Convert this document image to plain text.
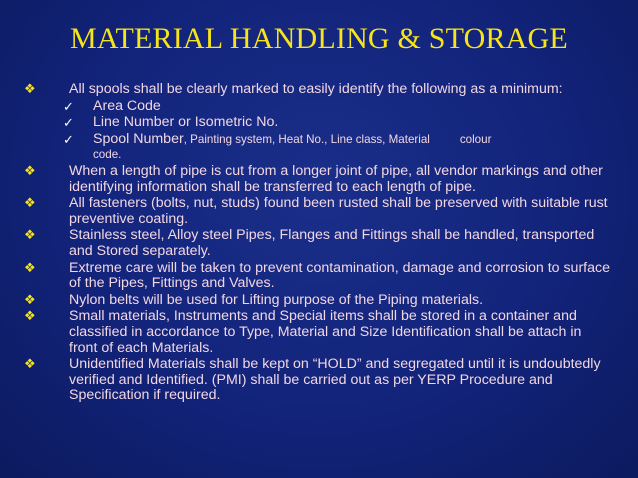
MATERIAL HANDLING & STORAGE
❖ All spools shall be clearly marked to easily identify the following as a minimum:
✓ Area Code
✓ Line Number or Isometric No.
✓ Spool Number, Painting system, Heat No., Line class, Material	colour
code.
❖ When a length of pipe is cut from a longer joint of pipe, all vendor markings and other identifying information shall be transferred to each length of pipe.
❖ All fasteners (bolts, nut, studs) found been rusted shall be preserved with suitable rust preventive coating.
❖ Stainless steel, Alloy steel Pipes, Flanges and Fittings shall be handled, transported and Stored separately.
❖ Extreme care will be taken to prevent contamination, damage and corrosion to surface of the Pipes, Fittings and Valves.
❖ Nylon belts will be used for Lifting purpose of the Piping materials.
❖ Small materials, Instruments and Special items shall be stored in a container and classified in accordance to Type, Material and Size Identification shall be attach in front of each Materials.
❖ Unidentified Materials shall be kept on “HOLD” and segregated until it is undoubtedly verified and Identified. (PMI) shall be carried out as per YERP Procedure and Specification if required.
